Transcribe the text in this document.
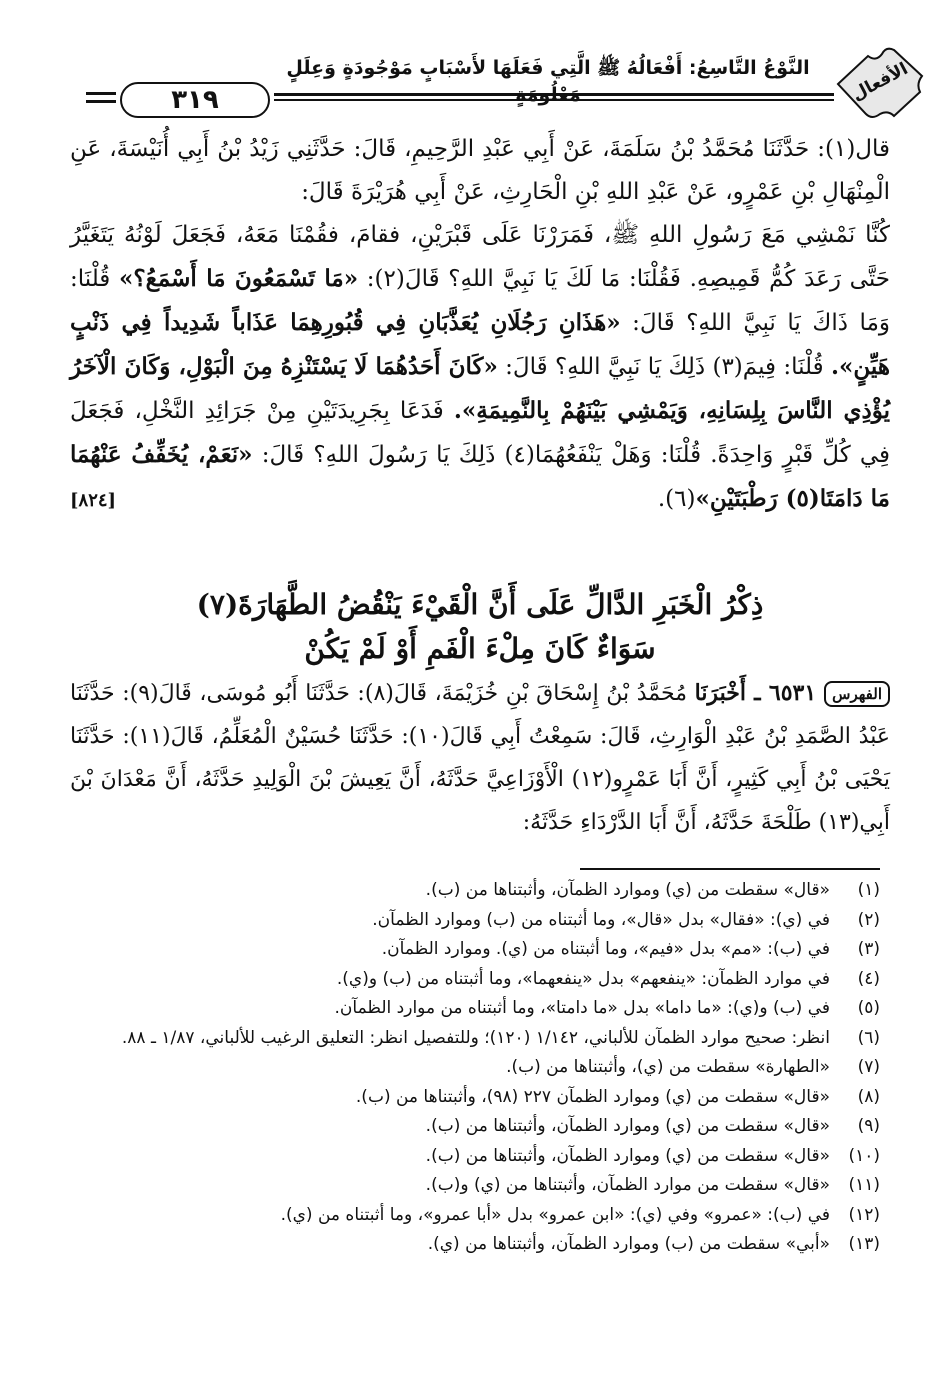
٣١٩
النَّوْعُ التَّاسِعُ: أَفْعَالُهُ ﷺ الَّتِي فَعَلَهَا لأَسْبَابٍ مَوْجُودَةٍ وَعِلَلٍ مَعْلُومَةٍ	الأفعال

قال(١): حَدَّثَنَا مُحَمَّدُ بْنُ سَلَمَةَ، عَنْ أَبِي عَبْدِ الرَّحِيمِ، قَالَ: حَدَّثَنِي زَيْدُ بْنُ أَبِي أُنَيْسَةَ، عَنِ الْمِنْهَالِ بْنِ عَمْرٍو، عَنْ عَبْدِ اللهِ بْنِ الْحَارِثِ، عَنْ أَبِي هُرَيْرَةَ قَالَ:

كُنَّا نَمْشِي مَعَ رَسُولِ اللهِ ﷺ، فَمَرَرْنَا عَلَى قَبْرَيْنِ، فقامَ، فقُمْنَا مَعَهُ، فَجَعَلَ لَوْنُهُ يَتَغَيَّرُ حَتَّى رَعَدَ كُمُّ قَمِيصِهِ. فَقُلْنَا: مَا لَكَ يَا نَبِيَّ اللهِ؟ قَالَ(٢): «مَا تَسْمَعُونَ مَا أَسْمَعُ؟» قُلْنَا: وَمَا ذَاكَ يَا نَبِيَّ اللهِ؟ قَالَ: «هَذَانِ رَجُلَانِ يُعَذَّبَانِ فِي قُبُورِهِمَا عَذَاباً شَدِيداً فِي ذَنْبٍ هَيِّنٍ». قُلْنَا: فِيمَ(٣) ذَلِكَ يَا نَبِيَّ اللهِ؟ قَالَ: «كَانَ أَحَدُهُمَا لَا يَسْتَنْزِهُ مِنَ الْبَوْلِ، وَكَانَ الْآخَرُ يُؤْذِي النَّاسَ بِلِسَانِهِ، وَيَمْشِي بَيْنَهُمْ بِالنَّمِيمَةِ». فَدَعَا بِجَرِيدَتَيْنِ مِنْ جَرَائِدِ النَّخْلِ، فَجَعَلَ فِي كُلِّ قَبْرٍ وَاحِدَةً. قُلْنَا: وَهَلْ يَنْفَعُهُمَا(٤) ذَلِكَ يَا رَسُولَ اللهِ؟ قَالَ: «نَعَمْ، يُخَفِّفُ عَنْهُمَا مَا دَامَتَا(٥) رَطْبَتَيْنِ»(٦).
[٨٢٤]

ذِكْرُ الْخَبَرِ الدَّالِّ عَلَى أَنَّ الْقَيْءَ يَنْقُضُ الطَّهَارَةَ(٧)
سَوَاءٌ كَانَ مِلْءَ الْفَمِ أَوْ لَمْ يَكُنْ

الفهرس٦٥٣١ ـ أَخْبَرَنَا مُحَمَّدُ بْنُ إِسْحَاقَ بْنِ خُزَيْمَةَ، قَالَ(٨): حَدَّثَنَا أَبُو مُوسَى، قَالَ(٩): حَدَّثَنَا عَبْدُ الصَّمَدِ بْنُ عَبْدِ الْوَارِثِ، قَالَ: سَمِعْتُ أَبِي قَالَ(١٠): حَدَّثَنَا حُسَيْنٌ الْمُعَلِّمُ، قَالَ(١١): حَدَّثَنَا يَحْيَى بْنُ أَبِي كَثِيرٍ، أَنَّ أَبَا عَمْرٍو(١٢) الْأَوْزَاعِيَّ حَدَّثَهُ، أَنَّ يَعِيشَ بْنَ الْوَلِيدِ حَدَّثَهُ، أَنَّ مَعْدَانَ بْنَ أَبِي(١٣) طَلْحَةَ حَدَّثَهُ، أَنَّ أَبَا الدَّرْدَاءِ حَدَّثَهُ:

(١)
«قال» سقطت من (ي) وموارد الظمآن، وأثبتناها من (ب).
(٢)
في (ي): «فقال» بدل «قال»، وما أثبتناه من (ب) وموارد الظمآن.
(٣)
في (ب): «مم» بدل «فيم»، وما أثبتناه من (ي). وموارد الظمآن.
(٤)
في موارد الظمآن: «ينفعهم» بدل «ينفعهما»، وما أثبتناه من (ب) و(ي).
(٥)
في (ب) و(ي): «ما داما» بدل «ما دامتا»، وما أثبتناه من موارد الظمآن.
(٦)
انظر: صحيح موارد الظمآن للألباني، ١/١٤٢ (١٢٠)؛ وللتفصيل انظر: التعليق الرغيب للألباني، ١/٨٧ ـ ٨٨.
(٧)
«الطهارة» سقطت من (ي)، وأثبتناها من (ب).
(٨)
«قال» سقطت من (ي) وموارد الظمآن ٢٢٧ (٩٨)، وأثبتناها من (ب).
(٩)
«قال» سقطت من (ي) وموارد الظمآن، وأثبتناها من (ب).
(١٠)
«قال» سقطت من (ي) وموارد الظمآن، وأثبتناها من (ب).
(١١)
«قال» سقطت من موارد الظمآن، وأثبتناها من (ي) و(ب).
(١٢)
في (ب): «عمرو» وفي (ي): «ابن عمرو» بدل «أبا عمرو»، وما أثبتناه من (ي).
(١٣)
«أبي» سقطت من (ب) وموارد الظمآن، وأثبتناها من (ي).
